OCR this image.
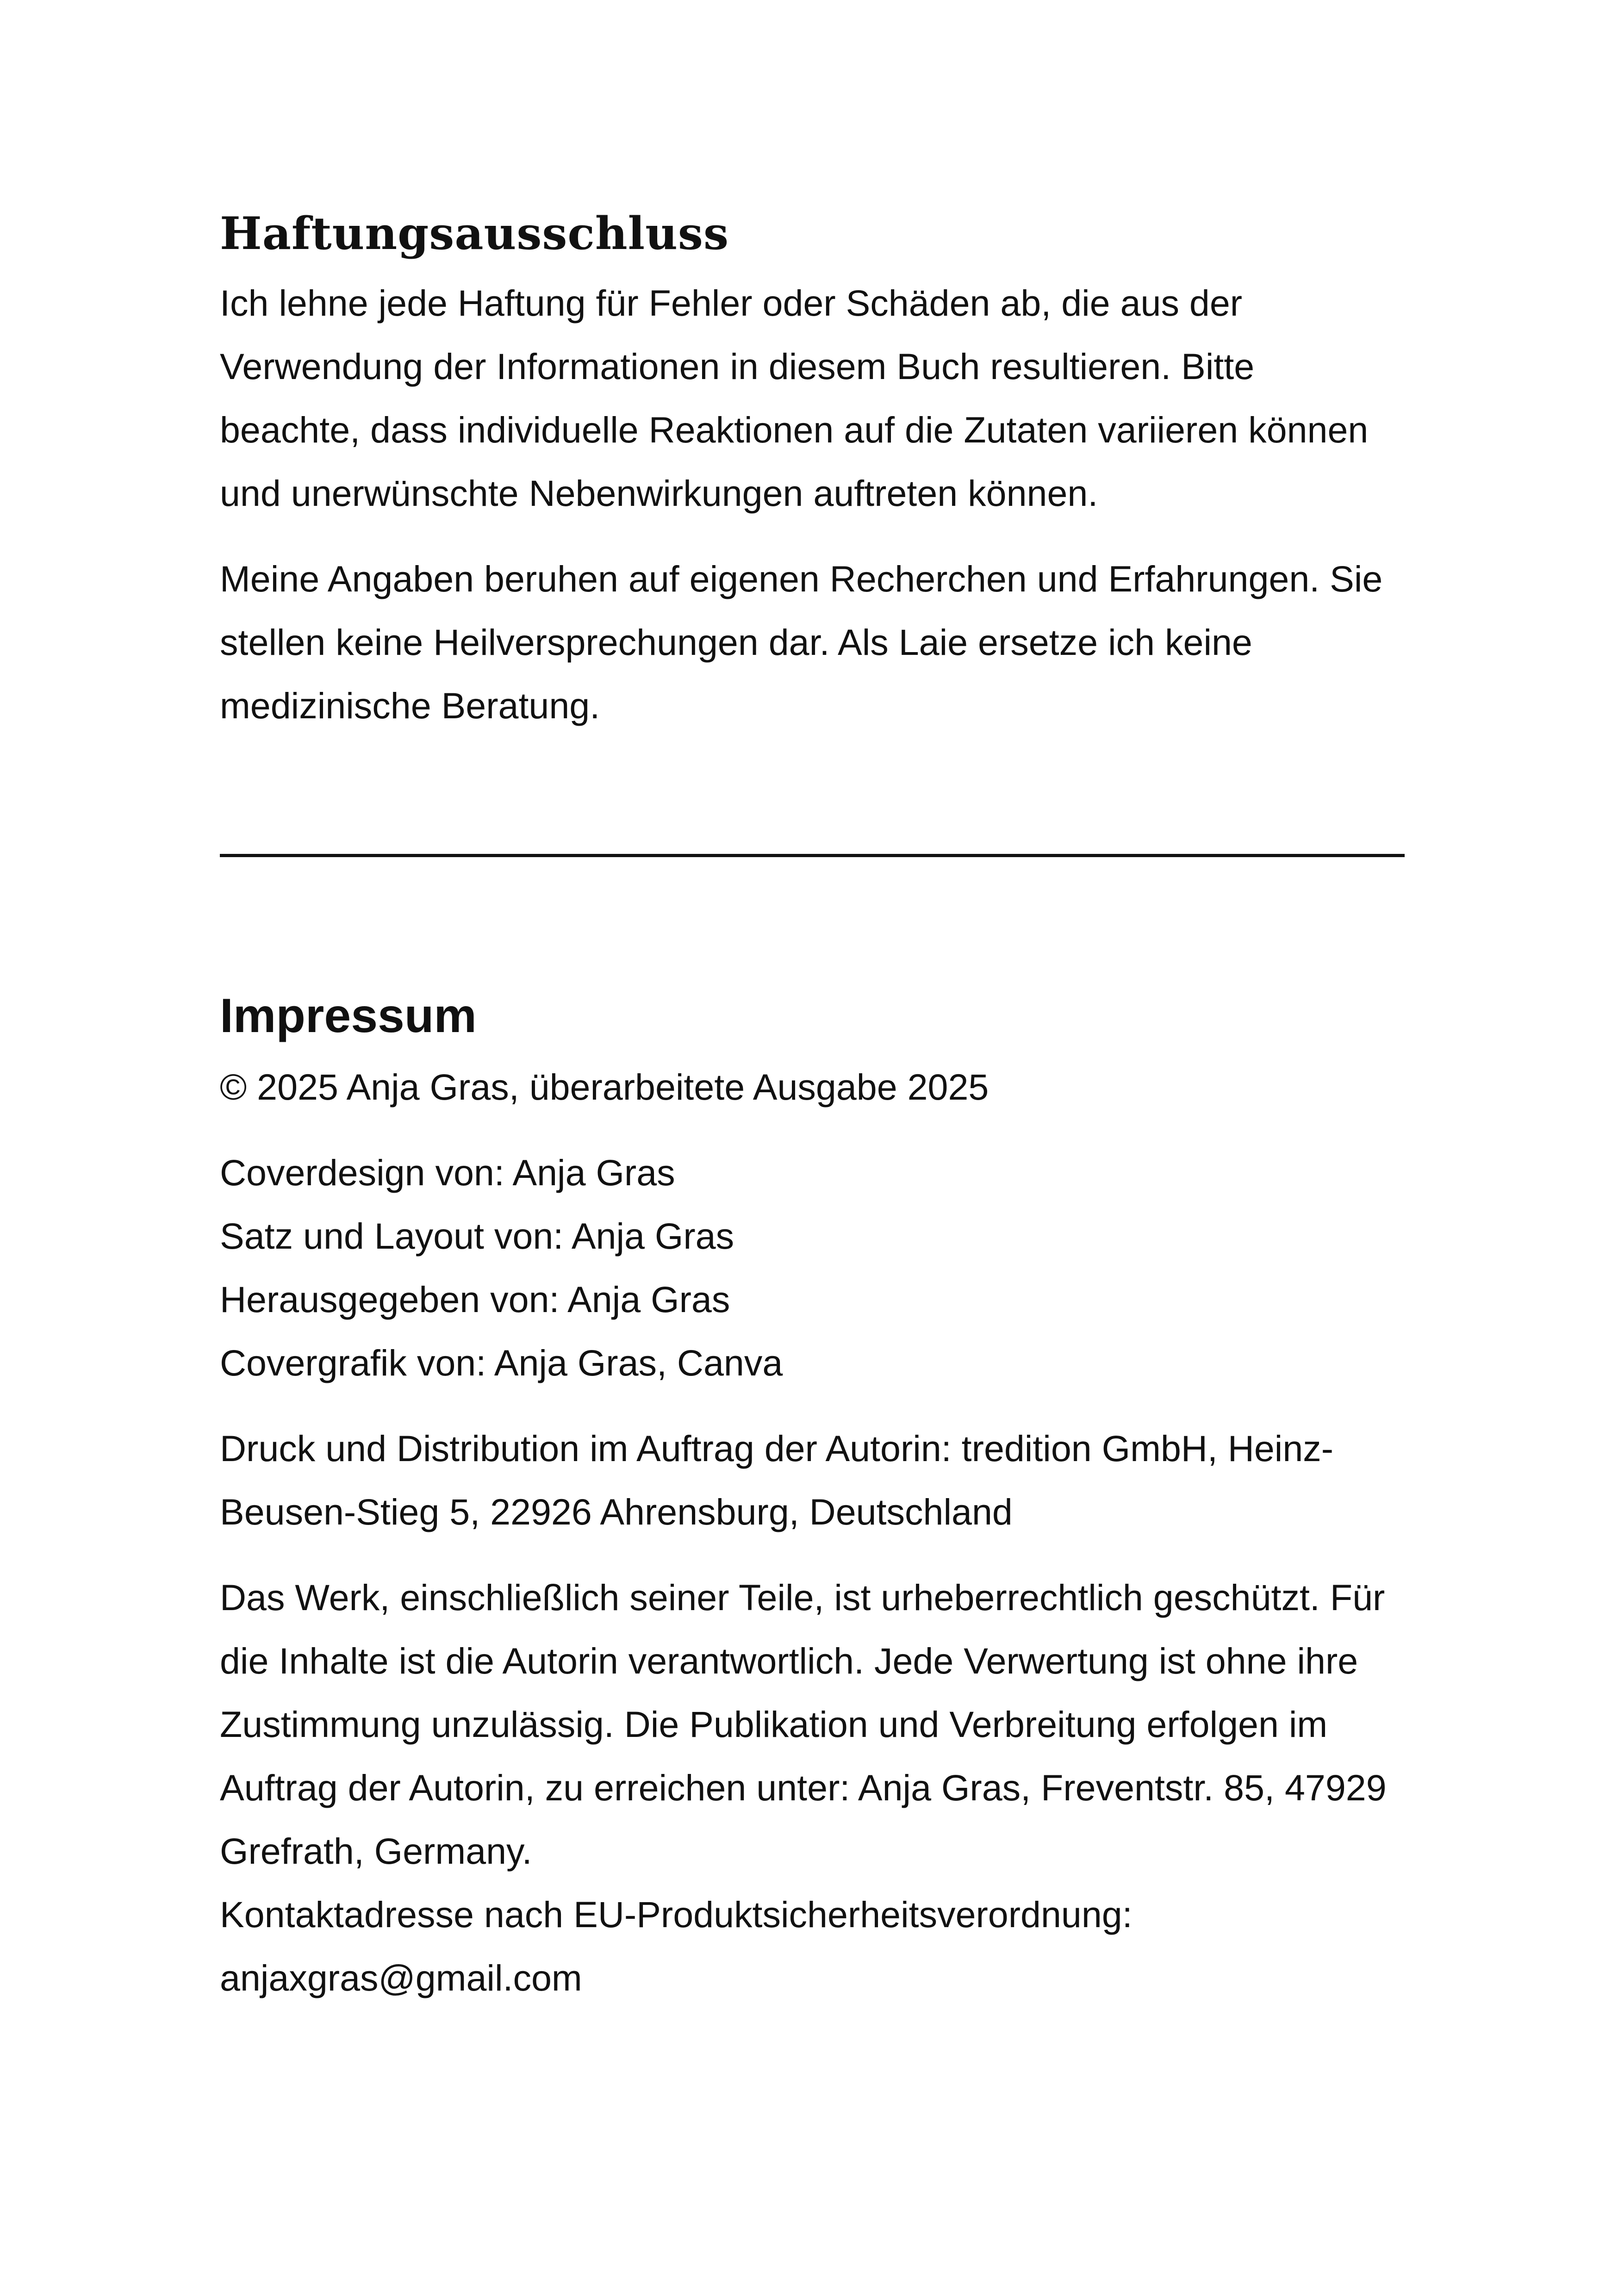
Haftungsausschluss

Ich lehne jede Haftung für Fehler oder Schäden ab, die aus der Verwendung der Informationen in diesem Buch resultieren. Bitte beachte, dass individuelle Reaktionen auf die Zutaten variieren können und unerwünschte Nebenwirkungen auftreten können.

Meine Angaben beruhen auf eigenen Recherchen und Erfahrungen. Sie stellen keine Heilversprechungen dar. Als Laie ersetze ich keine medizinische Beratung.

Impressum

© 2025 Anja Gras, überarbeitete Ausgabe 2025

Coverdesign von: Anja Gras
Satz und Layout von: Anja Gras
Herausgegeben von: Anja Gras
Covergrafik von: Anja Gras, Canva

Druck und Distribution im Auftrag der Autorin: tredition GmbH, Heinz-Beusen-Stieg 5, 22926 Ahrensburg, Deutschland

Das Werk, einschließlich seiner Teile, ist urheberrechtlich geschützt. Für die Inhalte ist die Autorin verantwortlich. Jede Verwertung ist ohne ihre Zustimmung unzulässig. Die Publikation und Verbreitung erfolgen im Auftrag der Autorin, zu erreichen unter: Anja Gras, Freventstr. 85, 47929 Grefrath, Germany.

Kontaktadresse nach EU-Produktsicherheitsverordnung:

anjaxgras@gmail.com
